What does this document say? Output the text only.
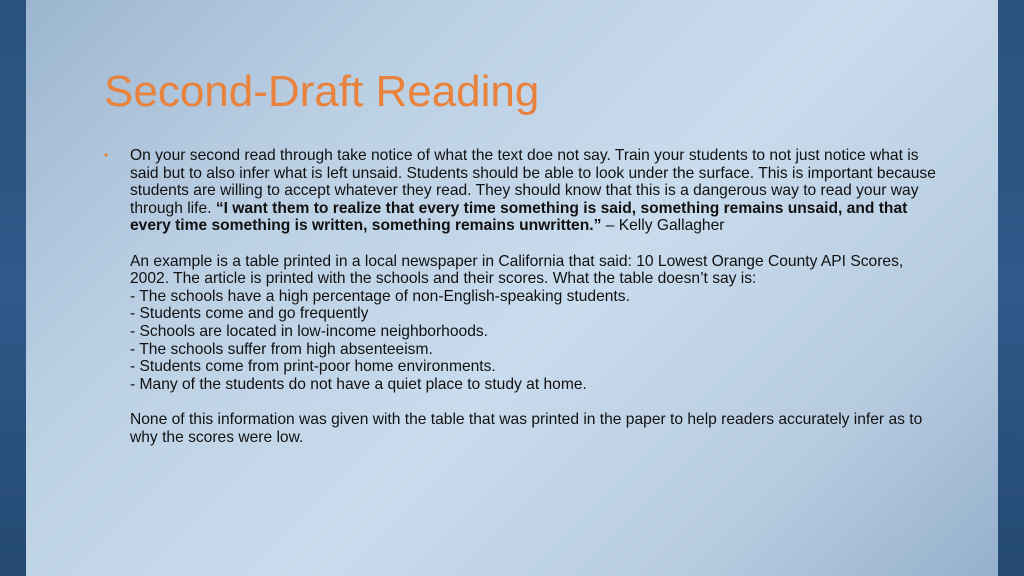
Second-Draft Reading
• On your second read through take notice of what the text doe not say. Train your students to not just notice what is said but to also infer what is left unsaid. Students should be able to look under the surface. This is important because students are willing to accept whatever they read. They should know that this is a dangerous way to read your way through life. “I want them to realize that every time something is said, something remains unsaid, and that every time something is written, something remains unwritten.” – Kelly Gallagher
An example is a table printed in a local newspaper in California that said: 10 Lowest Orange County API Scores, 2002. The article is printed with the schools and their scores. What the table doesn’t say is:
- The schools have a high percentage of non-English-speaking students.
- Students come and go frequently
- Schools are located in low-income neighborhoods.
- The schools suffer from high absenteeism.
- Students come from print-poor home environments.
- Many of the students do not have a quiet place to study at home.
None of this information was given with the table that was printed in the paper to help readers accurately infer as to why the scores were low.
